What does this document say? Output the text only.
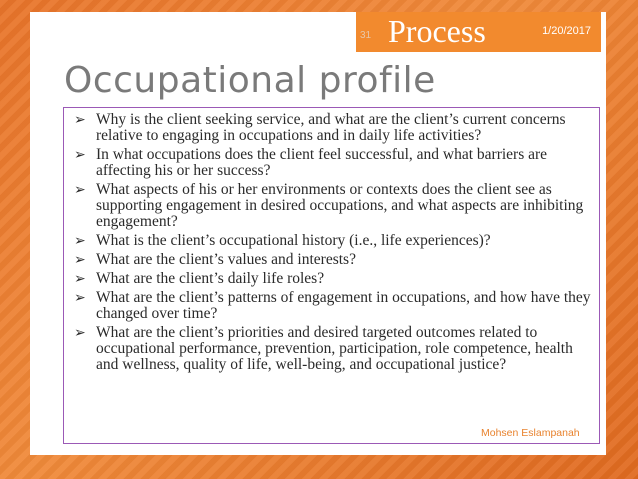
31 Process	1/20/2017
Occupational profile
➢ Why is the client seeking service, and what are the client’s current concerns relative to engaging in occupations and in daily life activities?
➢ In what occupations does the client feel successful, and what barriers are affecting his or her success?
➢ What aspects of his or her environments or contexts does the client see as supporting engagement in desired occupations, and what aspects are inhibiting engagement?
➢ What is the client’s occupational history (i.e., life experiences)?
➢ What are the client’s values and interests?
➢ What are the client’s daily life roles?
➢ What are the client’s patterns of engagement in occupations, and how have they changed over time?
➢ What are the client’s priorities and desired targeted outcomes related to occupational performance, prevention, participation, role competence, health and wellness, quality of life, well-being, and occupational justice?
Mohsen Eslampanah
